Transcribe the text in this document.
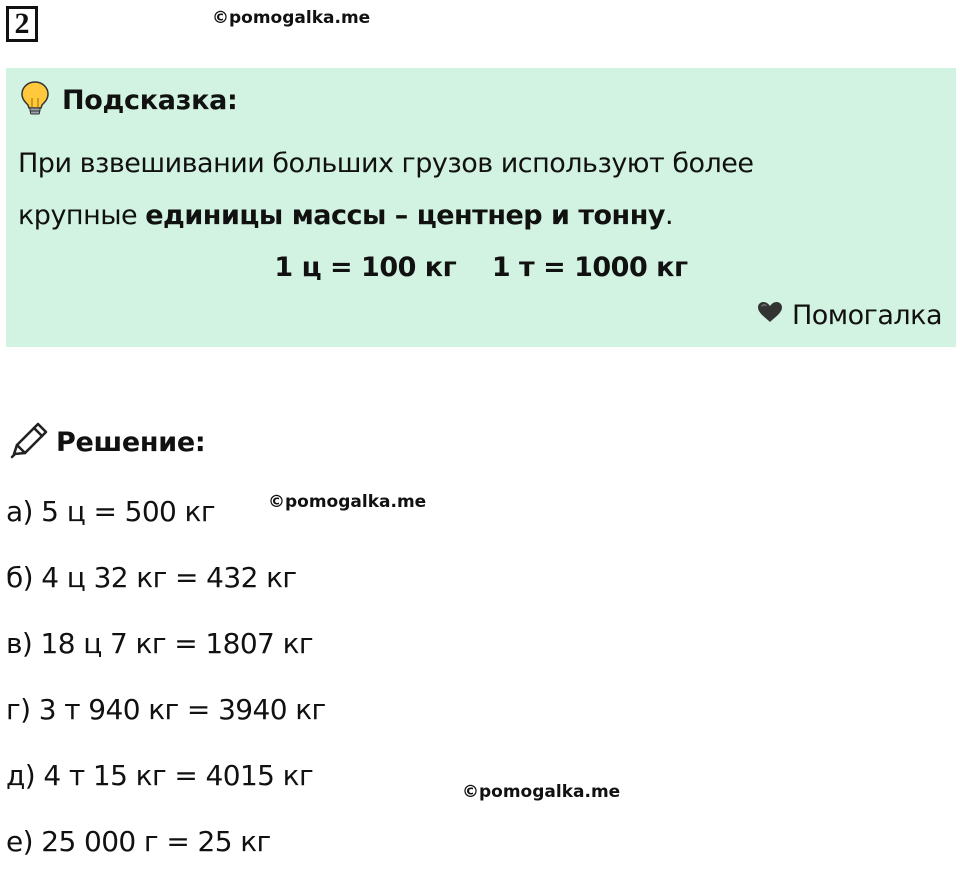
2	©pomogalka.me
Подсказка:
При взвешивании больших грузов используют более
крупные единицы массы – центнер и тонну.
1 ц = 100 кг 1 т = 1000 кг
Помогалка
Решение:
©pomogalka.me
а) 5 ц = 500 кг
б) 4 ц 32 кг = 432 кг
в) 18 ц 7 кг = 1807 кг
г) 3 т 940 кг = 3940 кг
д) 4 т 15 кг = 4015 кг
е) 25 000 г = 25 кг
©pomogalka.me
